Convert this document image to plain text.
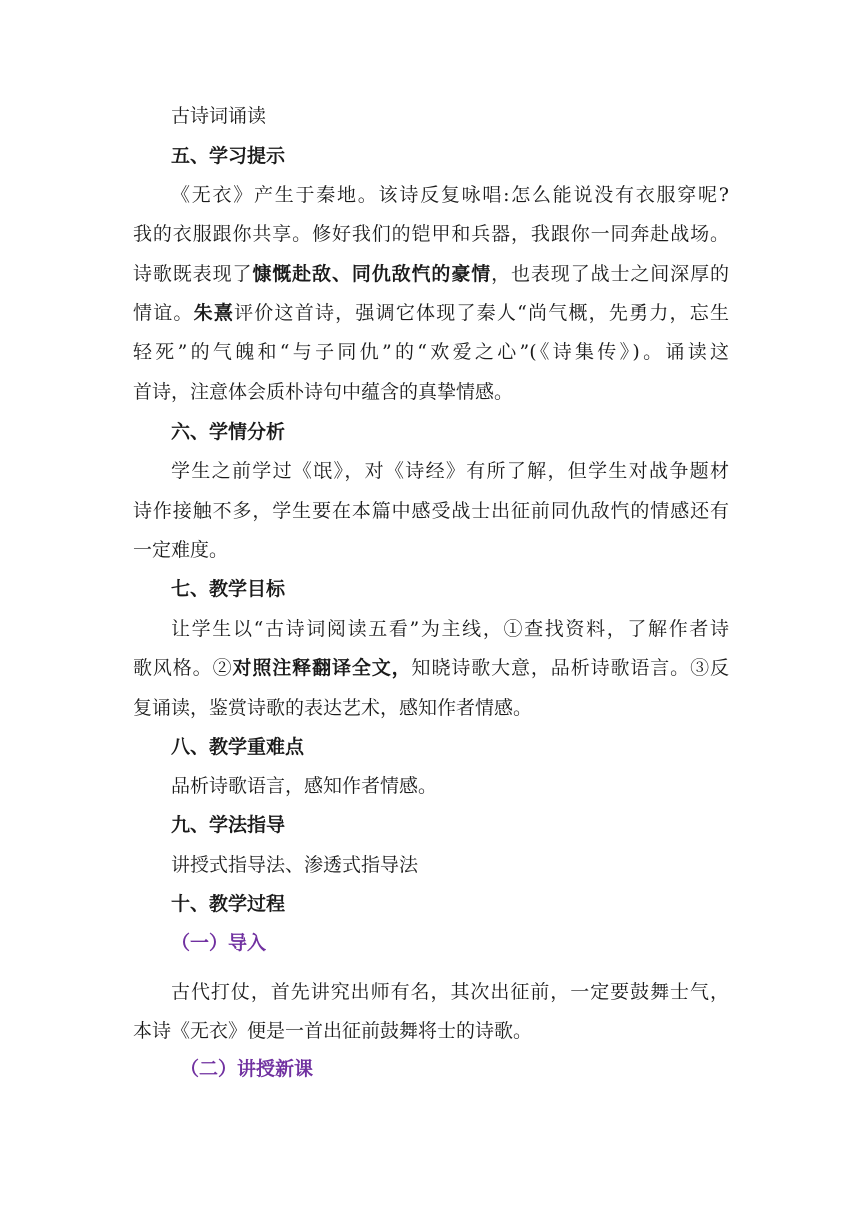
古诗词诵读
五、学习提示
《无衣》产生于秦地。该诗反复咏唱:怎么能说没有衣服穿呢?
我的衣服跟你共享。修好我们的铠甲和兵器，我跟你一同奔赴战场。
诗歌既表现了慷慨赴敌、同仇敌忾的豪情，也表现了战士之间深厚的
情谊。朱熹评价这首诗，强调它体现了秦人“尚气概，先勇力，忘生
轻死”的气魄和“与子同仇”的“欢爱之心”(《诗集传》)。诵读这
首诗，注意体会质朴诗句中蕴含的真挚情感。
六、学情分析
学生之前学过《氓》，对《诗经》有所了解，但学生对战争题材
诗作接触不多，学生要在本篇中感受战士出征前同仇敌忾的情感还有
一定难度。
七、教学目标
让学生以“古诗词阅读五看”为主线，①查找资料，了解作者诗
歌风格。②对照注释翻译全文，知晓诗歌大意，品析诗歌语言。③反
复诵读，鉴赏诗歌的表达艺术，感知作者情感。
八、教学重难点
品析诗歌语言，感知作者情感。
九、学法指导
讲授式指导法、渗透式指导法
十、教学过程
（一）导入
古代打仗，首先讲究出师有名，其次出征前，一定要鼓舞士气，
本诗《无衣》便是一首出征前鼓舞将士的诗歌。
（二）讲授新课
